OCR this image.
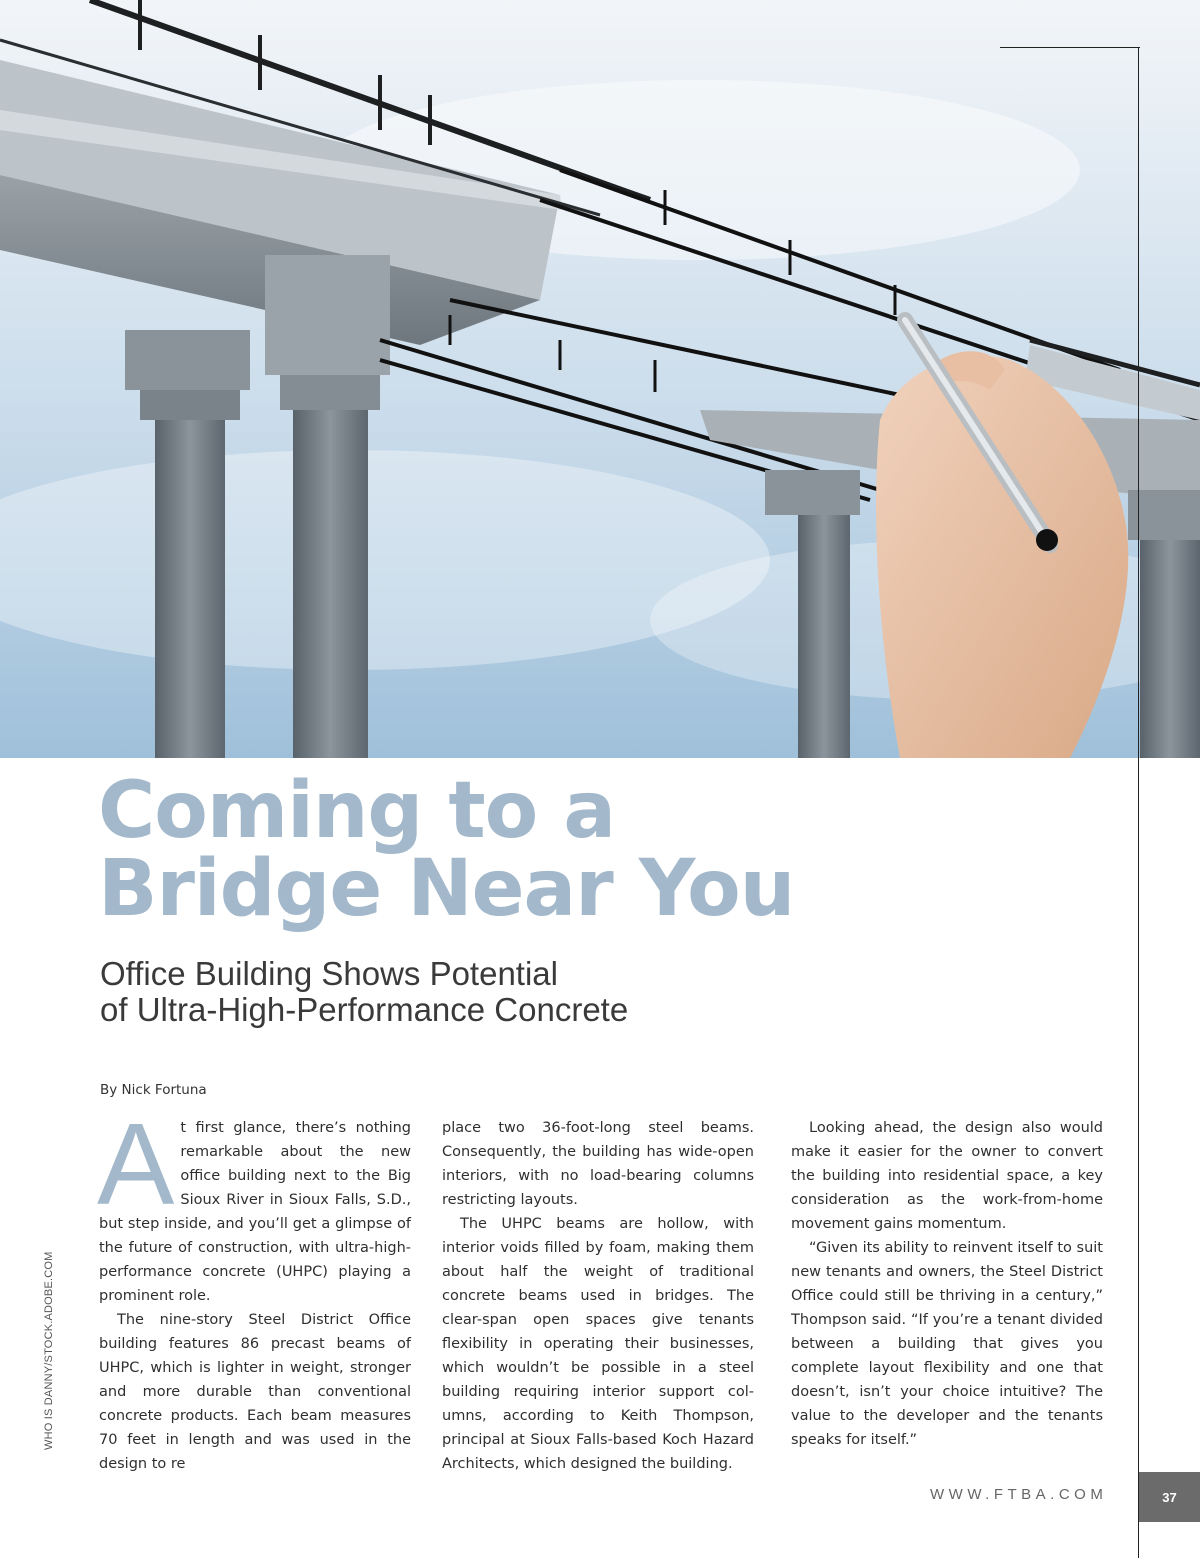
Coming to a
Bridge Near You
Office Building Shows Potential
of Ultra-High-Performance Concrete
By Nick Fortuna
WHO IS DANNY/STOCK.ADOBE.COM
A t first glance, there’s nothing remarkable about the new office building next to the Big Sioux River in Sioux Falls, S.D., but step inside, and you’ll get a glimpse of the future of construction, with ultra-high-performance concrete (UHPC) playing a prominent role.

The nine-story Steel District Office building features 86 precast beams of UHPC, which is lighter in weight, stronger and more durable than conventional concrete products. Each beam measures 70 feet in length and was used in the design to re

place two 36-foot-long steel beams. Consequently, the building has wide-open interiors, with no load-bearing columns restricting layouts.

The UHPC beams are hollow, with interior voids filled by foam, making them about half the weight of traditional concrete beams used in bridges. The clear-span open spaces give tenants flexibility in operating their businesses, which wouldn’t be possible in a steel building requiring interior support columns, according to Keith Thompson, principal at Sioux Falls-based Koch Hazard Architects, which designed the building.

Looking ahead, the design also would make it easier for the owner to convert the building into residential space, a key consideration as the work-from-home movement gains momentum.

“Given its ability to reinvent itself to suit new tenants and owners, the Steel District Office could still be thriving in a century,” Thompson said. “If you’re a tenant divided between a building that gives you complete layout flexibility and one that doesn’t, isn’t your choice intuitive? The value to the developer and the tenants speaks for itself.”

WWW.FTBA.COM	37
